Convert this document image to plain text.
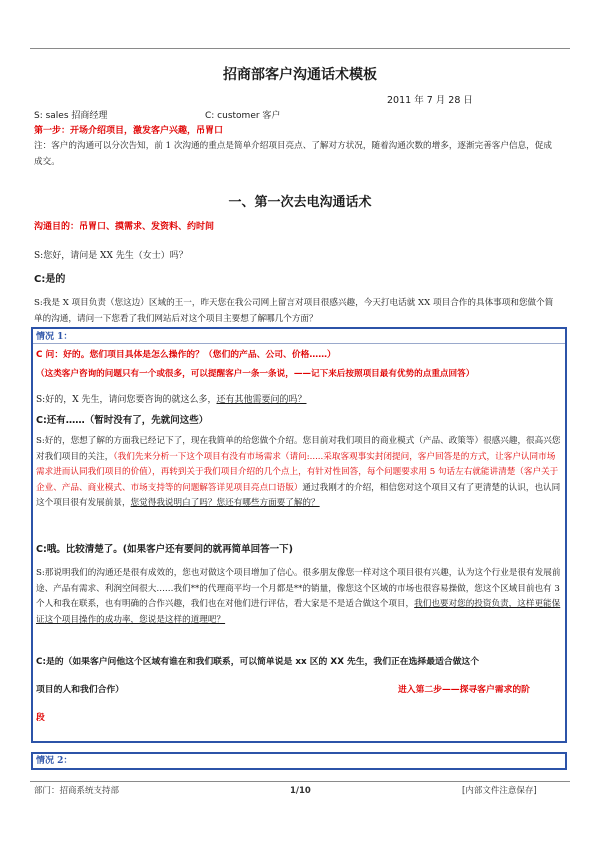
招商部客户沟通话术模板
2011 年 7 月 28 日
S: sales 招商经理	C: customer 客户
第一步：开场介绍项目，激发客户兴趣，吊胃口
注：客户的沟通可以分次告知，前 1 次沟通的重点是简单介绍项目亮点、了解对方状况，随着沟通次数的增多，逐渐完善客户信息，促成成交。
一、第一次去电沟通话术
沟通目的：吊胃口、摸需求、发资料、约时间
S:您好，请问是 XX 先生（女士）吗？
C:是的
S:我是 X 项目负责（您这边）区域的王一，昨天您在我公司网上留言对项目很感兴趣，今天打电话就 XX 项目合作的具体事项和您做个简单的沟通，请问一下您看了我们网站后对这个项目主要想了解哪几个方面？
情况 1：
C 问：好的。您们项目具体是怎么操作的？（您们的产品、公司、价格……）
（这类客户咨询的问题只有一个或很多，可以提醒客户一条一条说，——记下来后按照项目最有优势的点重点回答）
S:好的，X 先生，请问您要咨询的就这么多，还有其他需要问的吗？
C:还有……（暂时没有了，先就问这些）
S:好的，您想了解的方面我已经记下了，现在我简单的给您做个介绍。您目前对我们项目的商业模式（产品、政策等）很感兴趣，很高兴您对我们项目的关注，（我们先来分析一下这个项目有没有市场需求（请问:.....采取客观事实封闭提问，客户回答是的方式，让客户认同市场需求进而认同我们项目的价值），再转到关于我们项目介绍的几个点上，有针对性回答，每个问题要求用 5 句话左右就能讲清楚（客户关于企业、产品、商业模式、市场支持等的问题解答详见项目亮点口语版）通过我刚才的介绍，相信您对这个项目又有了更清楚的认识，也认同这个项目很有发展前景，您觉得我说明白了吗？您还有哪些方面要了解的？
C:哦。比较清楚了。(如果客户还有要问的就再简单回答一下)
S:那说明我们的沟通还是很有成效的，您也对做这个项目增加了信心。很多朋友像您一样对这个项目很有兴趣，认为这个行业是很有发展前途、产品有需求、利润空间很大……我们**的代理商平均一个月都是**的销量，像您这个区域的市场也很容易操做，您这个区域目前也有 3 个人和我在联系，也有明确的合作兴趣，我们也在对他们进行评估，看大家是不是适合做这个项目，我们也要对您的投资负责，这样更能保证这个项目操作的成功率，您说是这样的道理吧？
C:是的（如果客户问他这个区域有谁在和我们联系，可以简单说是 xx 区的 XX 先生，我们正在选择最适合做这个
项目的人和我们合作）	进入第二步——探寻客户需求的阶
段
情况 2：
部门：招商系统支持部	1/10	[内部文件注意保存]
